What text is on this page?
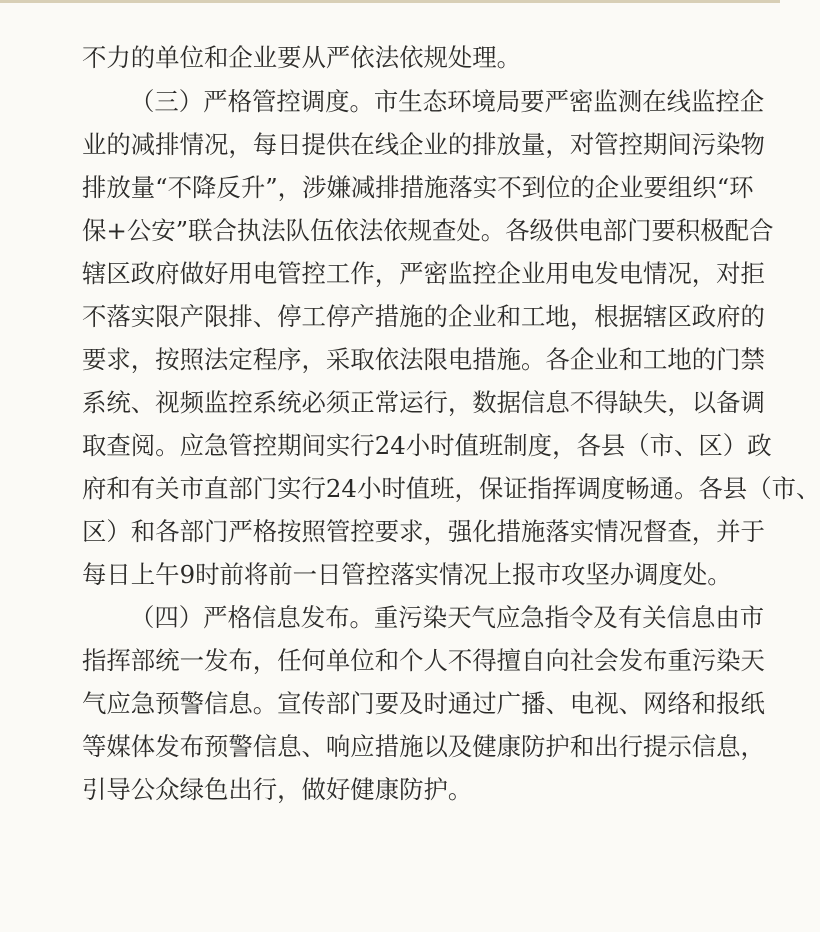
不力的单位和企业要从严依法依规处理。
（三）严格管控调度。市生态环境局要严密监测在线监控企
业的减排情况，每日提供在线企业的排放量，对管控期间污染物
排放量“不降反升”，涉嫌减排措施落实不到位的企业要组织“环
保+公安”联合执法队伍依法依规查处。各级供电部门要积极配合
辖区政府做好用电管控工作，严密监控企业用电发电情况，对拒
不落实限产限排、停工停产措施的企业和工地，根据辖区政府的
要求，按照法定程序，采取依法限电措施。各企业和工地的门禁
系统、视频监控系统必须正常运行，数据信息不得缺失，以备调
取查阅。应急管控期间实行24小时值班制度，各县（市、区）政
府和有关市直部门实行24小时值班，保证指挥调度畅通。各县（市、
区）和各部门严格按照管控要求，强化措施落实情况督查，并于
每日上午9时前将前一日管控落实情况上报市攻坚办调度处。
（四）严格信息发布。重污染天气应急指令及有关信息由市
指挥部统一发布，任何单位和个人不得擅自向社会发布重污染天
气应急预警信息。宣传部门要及时通过广播、电视、网络和报纸
等媒体发布预警信息、响应措施以及健康防护和出行提示信息，
引导公众绿色出行，做好健康防护。
